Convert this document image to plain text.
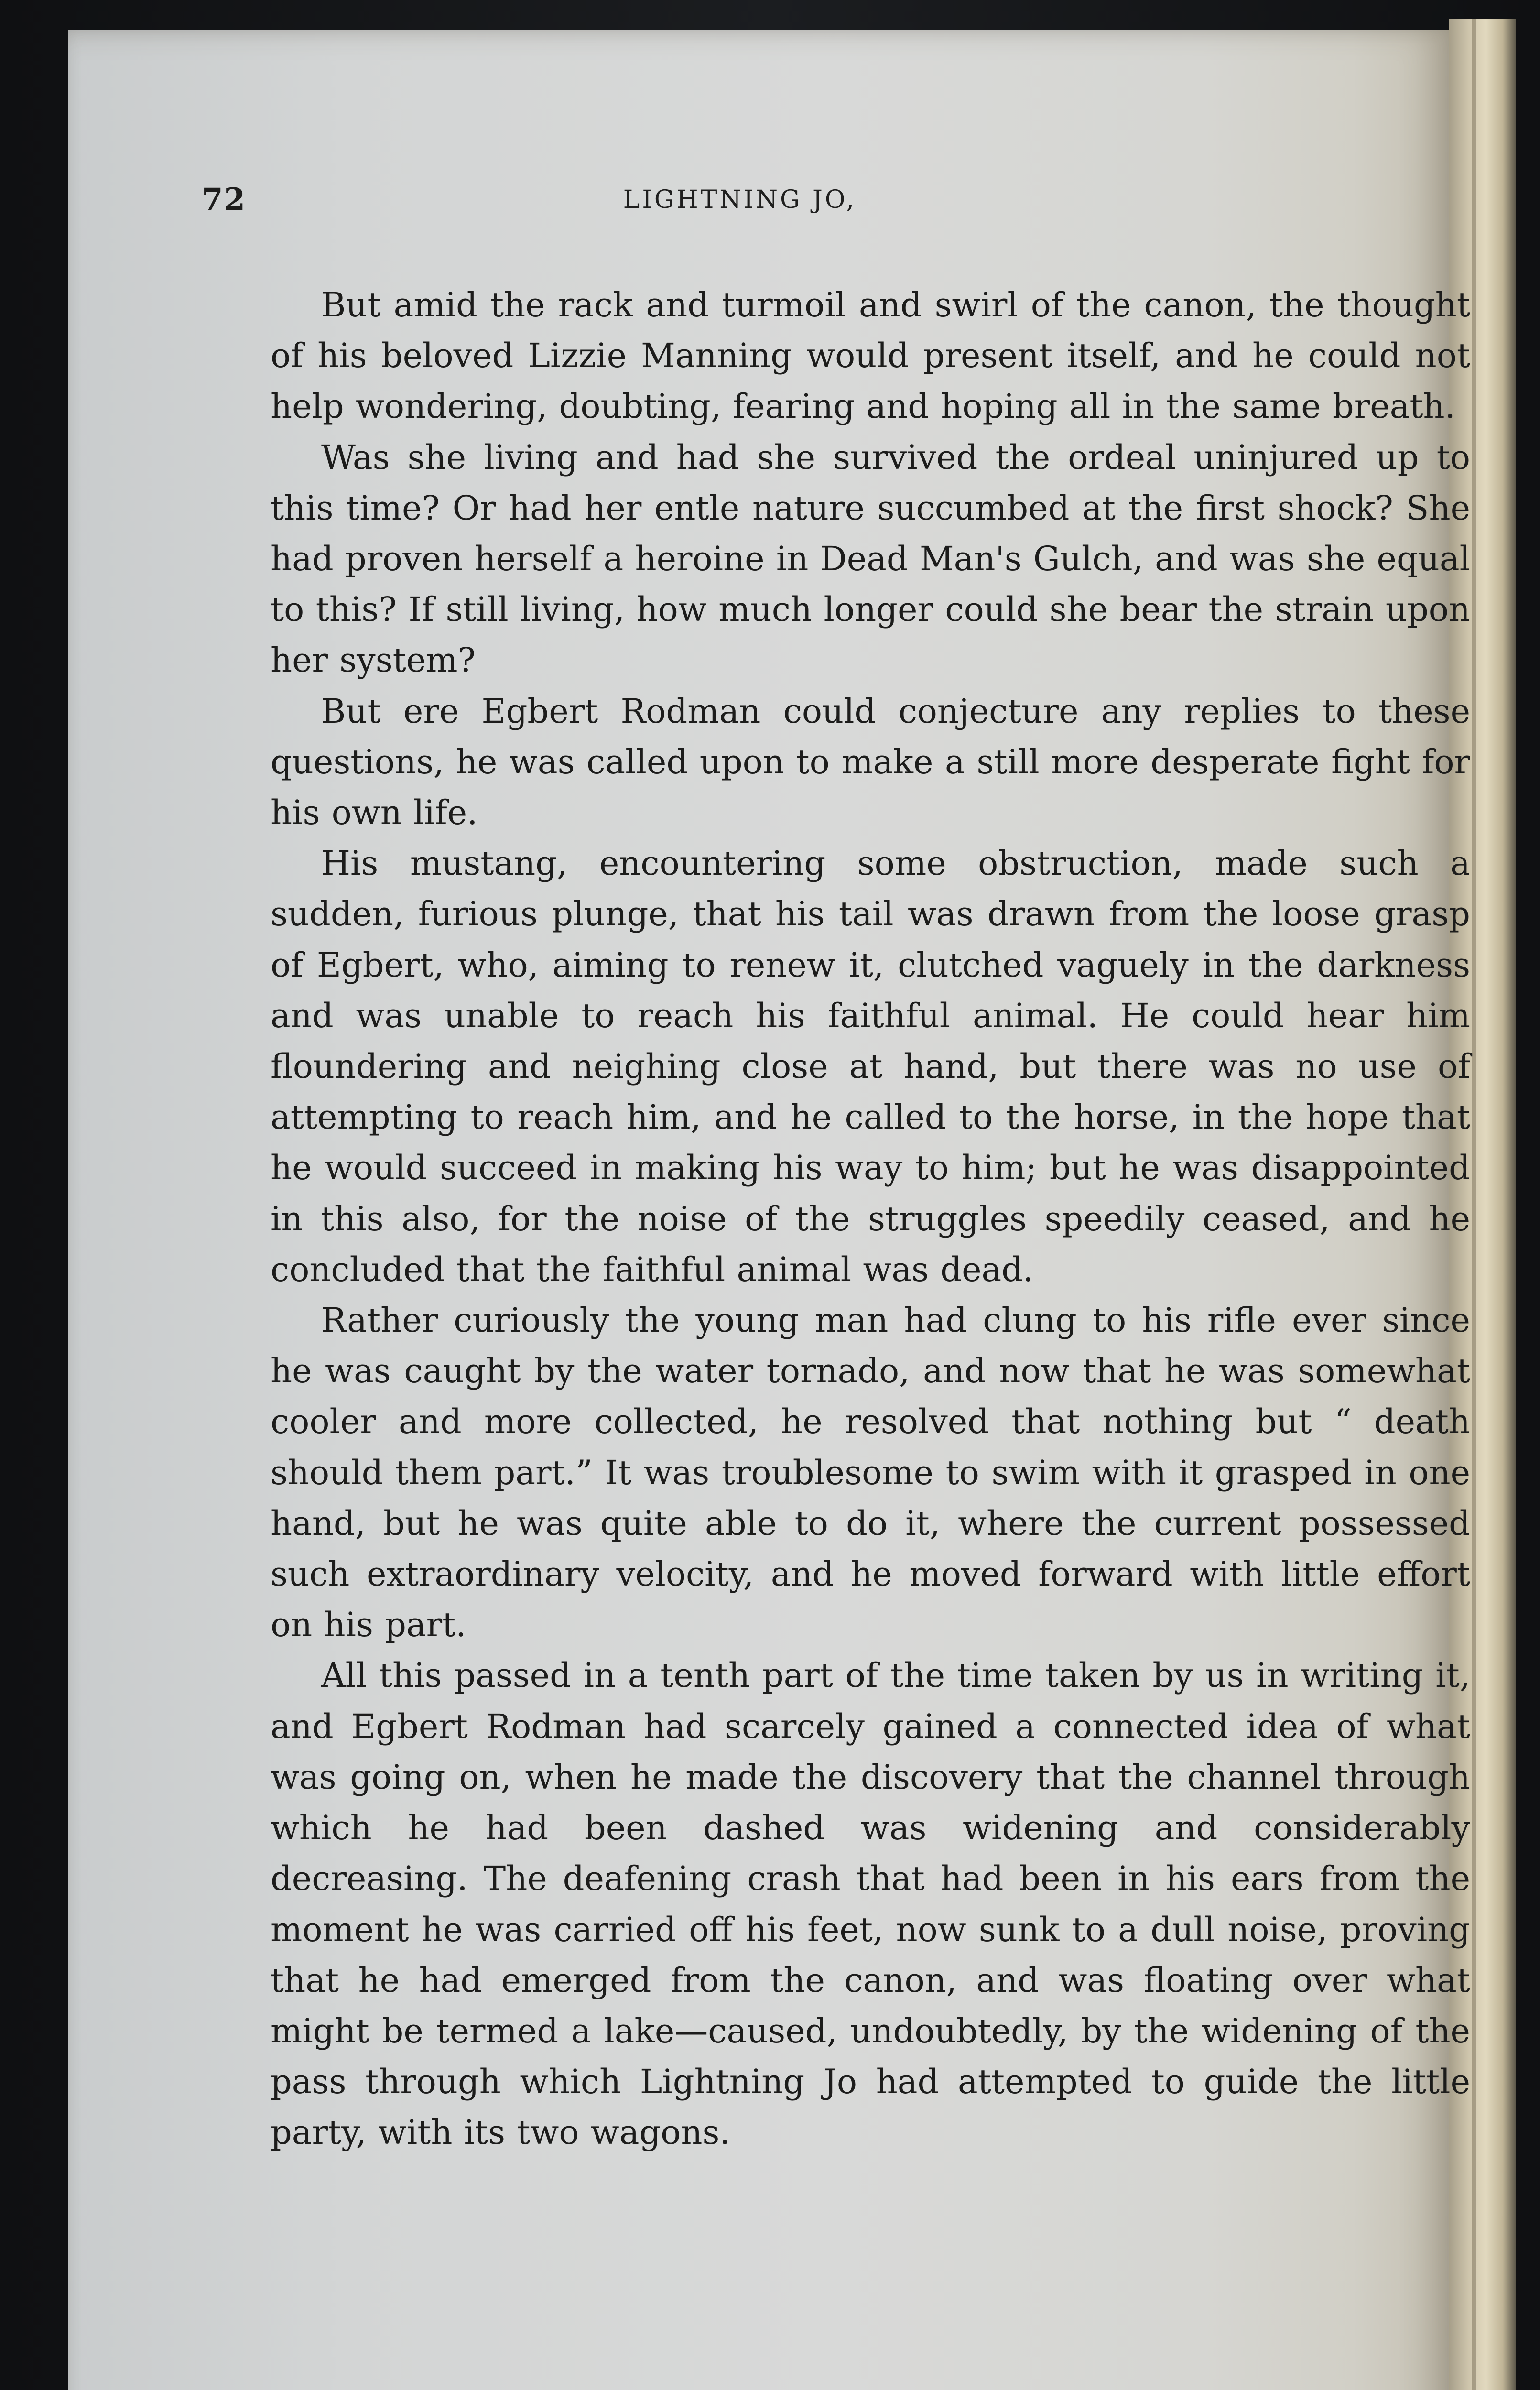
72	LIGHTNING JO,

But amid the rack and turmoil and swirl of the canon, the thought of his beloved Lizzie Manning would present itself, and he could not help wondering, doubting, fearing and hoping all in the same breath.

Was she living and had she survived the ordeal uninjured up to this time? Or had her entle nature succumbed at the first shock? She had proven herself a heroine in Dead Man's Gulch, and was she equal to this? If still living, how much longer could she bear the strain upon her system?

But ere Egbert Rodman could conjecture any replies to these questions, he was called upon to make a still more desperate fight for his own life.

His mustang, encountering some obstruction, made such a sudden, furious plunge, that his tail was drawn from the loose grasp of Egbert, who, aiming to renew it, clutched vaguely in the darkness and was unable to reach his faithful animal. He could hear him floundering and neighing close at hand, but there was no use of attempting to reach him, and he called to the horse, in the hope that he would succeed in making his way to him; but he was disappointed in this also, for the noise of the struggles speedily ceased, and he concluded that the faithful animal was dead.

Rather curiously the young man had clung to his rifle ever since he was caught by the water tornado, and now that he was somewhat cooler and more collected, he resolved that nothing but “ death should them part.” It was troublesome to swim with it grasped in one hand, but he was quite able to do it, where the current possessed such extraordinary velocity, and he moved forward with little effort on his part.

All this passed in a tenth part of the time taken by us in writing it, and Egbert Rodman had scarcely gained a connected idea of what was going on, when he made the discovery that the channel through which he had been dashed was widening and considerably decreasing. The deafening crash that had been in his ears from the moment he was carried off his feet, now sunk to a dull noise, proving that he had emerged from the canon, and was floating over what might be termed a lake—caused, undoubtedly, by the widening of the pass through which Lightning Jo had attempted to guide the little party, with its two wagons.
